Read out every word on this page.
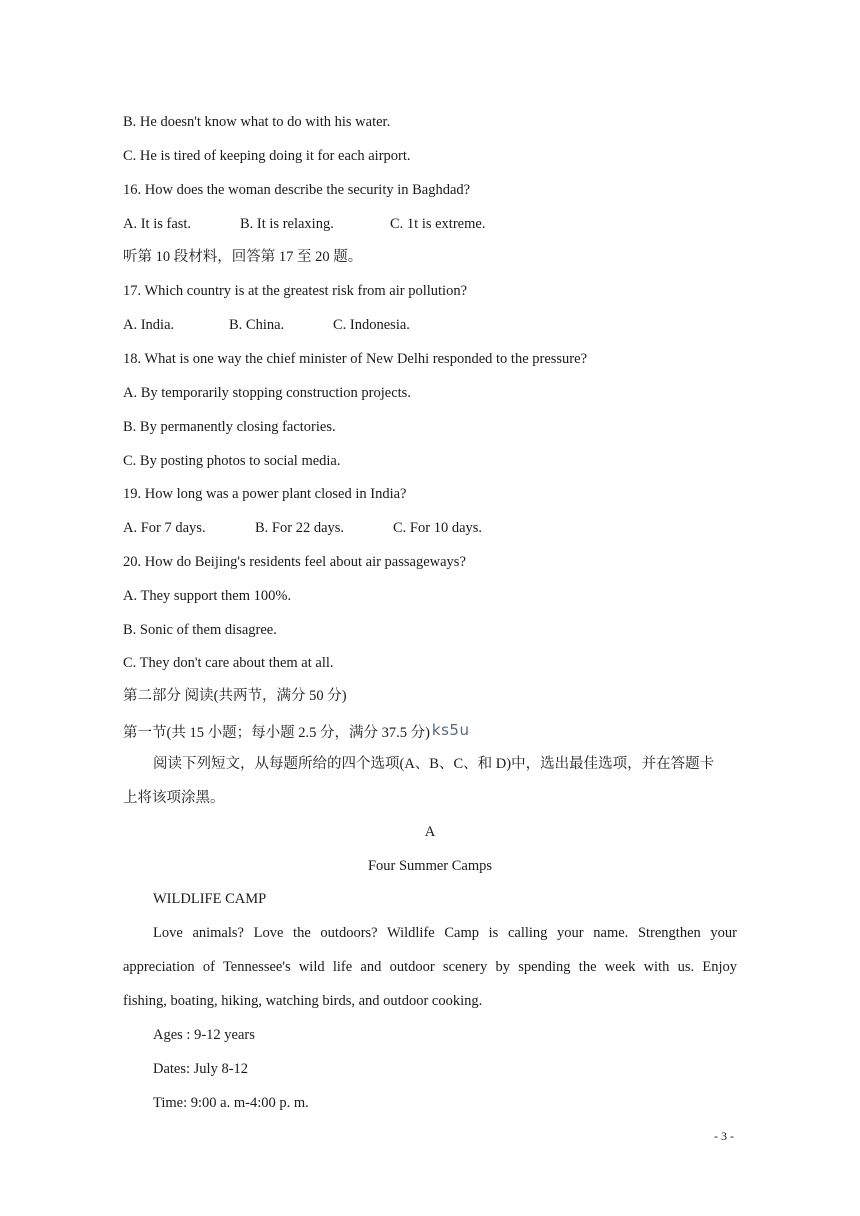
B. He doesn't know what to do with his water.
C. He is tired of keeping doing it for each airport.
16. How does the woman describe the security in Baghdad?
A. It is fast.	B. It is relaxing.	C. 1t is extreme.
听第 10 段材料，回答第 17 至 20 题。
17. Which country is at the greatest risk from air pollution?
A. India.	B. China.	C. Indonesia.
18. What is one way the chief minister of New Delhi responded to the pressure?
A. By temporarily stopping construction projects.
B. By permanently closing factories.
C. By posting photos to social media.
19. How long was a power plant closed in India?
A. For 7 days.	B. For 22 days.	C. For 10 days.
20. How do Beijing's residents feel about air passageways?
A. They support them 100%.
B. Sonic of them disagree.
C. They don't care about them at all.
第二部分 阅读(共两节，满分 50 分)
第一节(共 15 小题；每小题 2.5 分，满分 37.5 分) ks5u
阅读下列短文，从每题所给的四个选项(A、B、C、和 D)中，选出最佳选项，并在答题卡
上将该项涂黑。
A
Four Summer Camps
WILDLIFE CAMP
Love animals? Love the outdoors? Wildlife Camp is calling your name. Strengthen your
appreciation of Tennessee's wild life and outdoor scenery by spending the week with us. Enjoy
fishing, boating, hiking, watching birds, and outdoor cooking.
Ages : 9-12 years
Dates: July 8-12
Time: 9:00 a. m-4:00 p. m.
- 3 -
